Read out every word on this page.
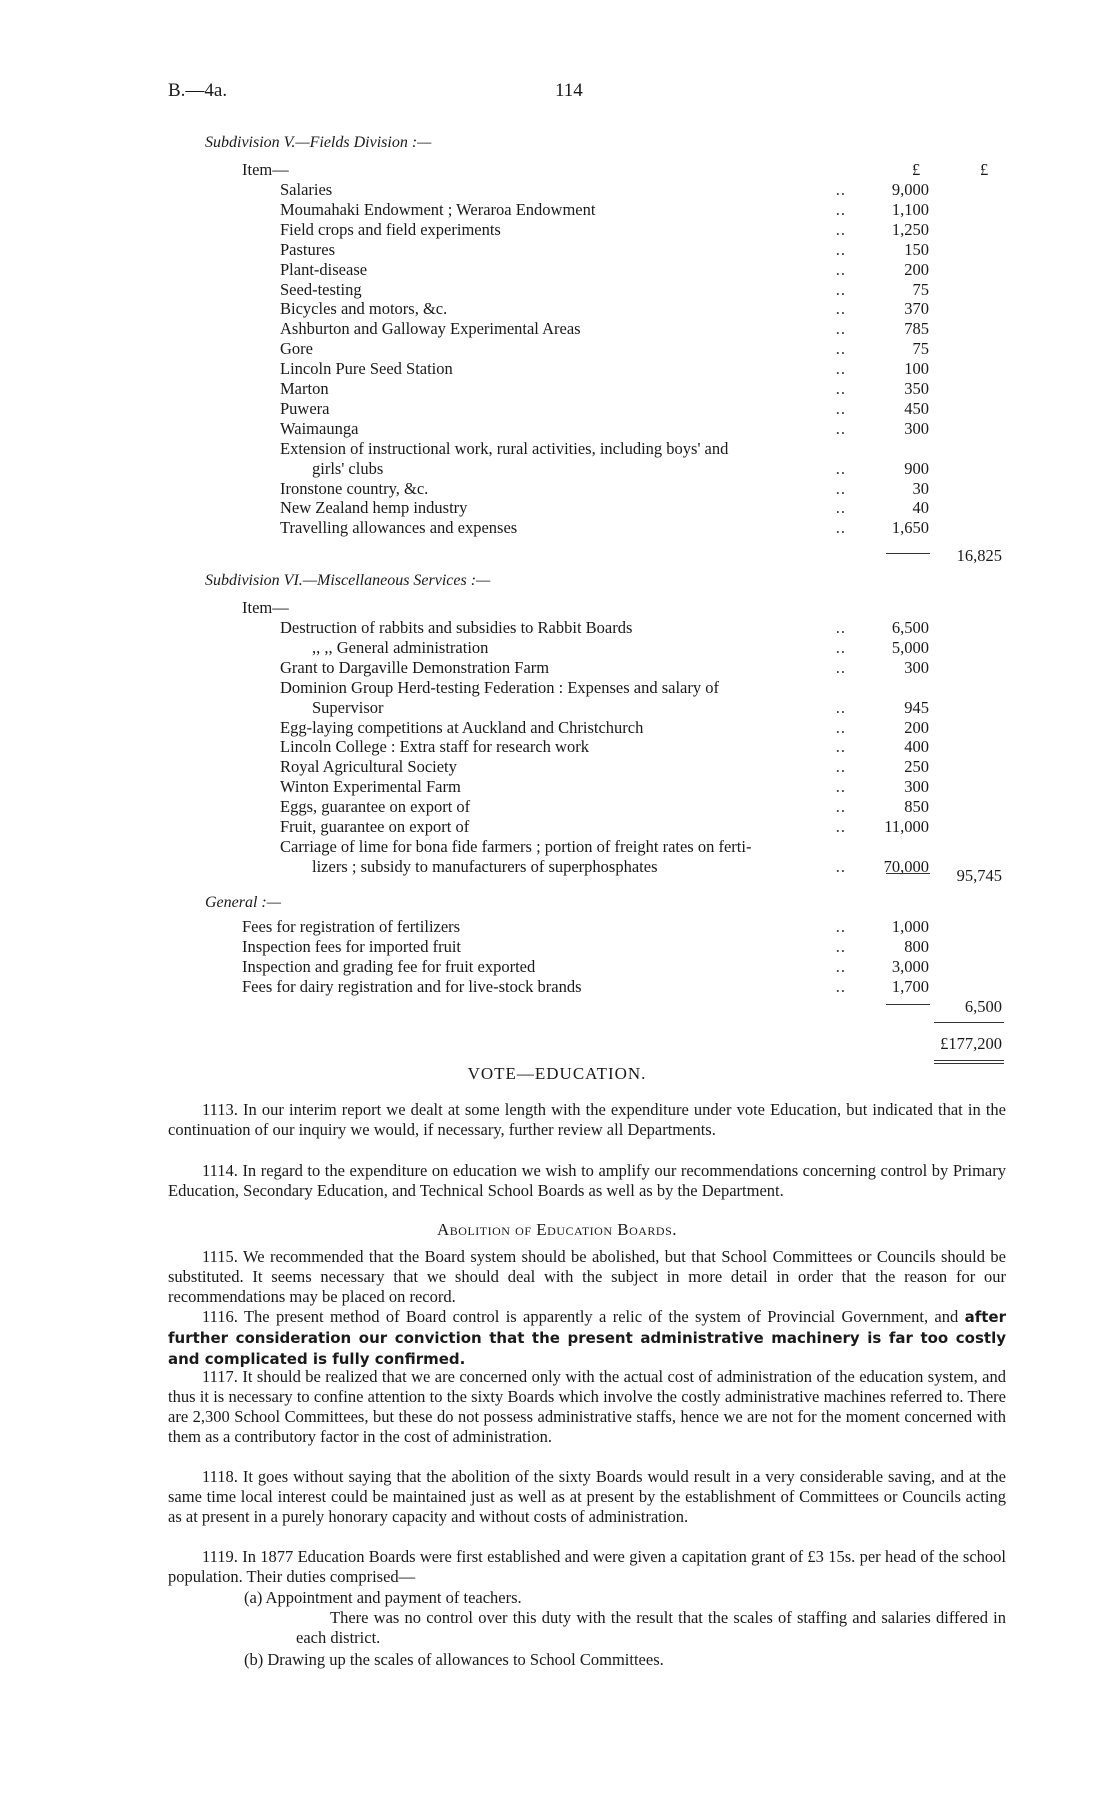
B.—4a.	114
Subdivision V.—Fields Division :—
Item—	£	£
Salaries	..	9,000
Moumahaki Endowment ; Weraroa Endowment	..	1,100
Field crops and field experiments	..	1,250
Pastures	..	150
Plant-disease	..	200
Seed-testing	..	75
Bicycles and motors, &c.	..	370
Ashburton and Galloway Experimental Areas	..	785
Gore	..	75
Lincoln Pure Seed Station	..	100
Marton	..	350
Puwera	..	450
Waimaunga	..	300
Extension of instructional work, rural activities, including boys' and
girls' clubs	..	900
Ironstone country, &c.	..	30
New Zealand hemp industry	..	40
Travelling allowances and expenses	..	1,650
16,825
Subdivision VI.—Miscellaneous Services :—
Item—
Destruction of rabbits and subsidies to Rabbit Boards	..	6,500
,, ,, General administration	..	5,000
Grant to Dargaville Demonstration Farm	..	300
Dominion Group Herd-testing Federation : Expenses and salary of
Supervisor	..	945
Egg-laying competitions at Auckland and Christchurch	..	200
Lincoln College : Extra staff for research work	..	400
Royal Agricultural Society	..	250
Winton Experimental Farm	..	300
Eggs, guarantee on export of	..	850
Fruit, guarantee on export of	..	11,000
Carriage of lime for bona fide farmers ; portion of freight rates on ferti-
lizers ; subsidy to manufacturers of superphosphates	..	70,000	95,745
General :—
Fees for registration of fertilizers	..	1,000
Inspection fees for imported fruit	..	800
Inspection and grading fee for fruit exported	..	3,000
Fees for dairy registration and for live-stock brands	..	1,700
6,500
£177,200
VOTE—EDUCATION.
1113. In our interim report we dealt at some length with the expenditure under vote Education, but indicated that in the continuation of our inquiry we would, if necessary, further review all Departments.
1114. In regard to the expenditure on education we wish to amplify our recommendations concerning control by Primary Education, Secondary Education, and Technical School Boards as well as by the Department.
Abolition of Education Boards.
1115. We recommended that the Board system should be abolished, but that School Committees or Councils should be substituted. It seems necessary that we should deal with the subject in more detail in order that the reason for our recommendations may be placed on record.
1116. The present method of Board control is apparently a relic of the system of Provincial Government, and after further consideration our conviction that the present administrative machinery is far too costly and complicated is fully confirmed.
1117. It should be realized that we are concerned only with the actual cost of administration of the education system, and thus it is necessary to confine attention to the sixty Boards which involve the costly administrative machines referred to. There are 2,300 School Committees, but these do not possess administrative staffs, hence we are not for the moment concerned with them as a contributory factor in the cost of administration.
1118. It goes without saying that the abolition of the sixty Boards would result in a very considerable saving, and at the same time local interest could be maintained just as well as at present by the establishment of Committees or Councils acting as at present in a purely honorary capacity and without costs of administration.
1119. In 1877 Education Boards were first established and were given a capitation grant of £3 15s. per head of the school population. Their duties comprised—
(a) Appointment and payment of teachers.
There was no control over this duty with the result that the scales of staffing and salaries differed in each district.
(b) Drawing up the scales of allowances to School Committees.
